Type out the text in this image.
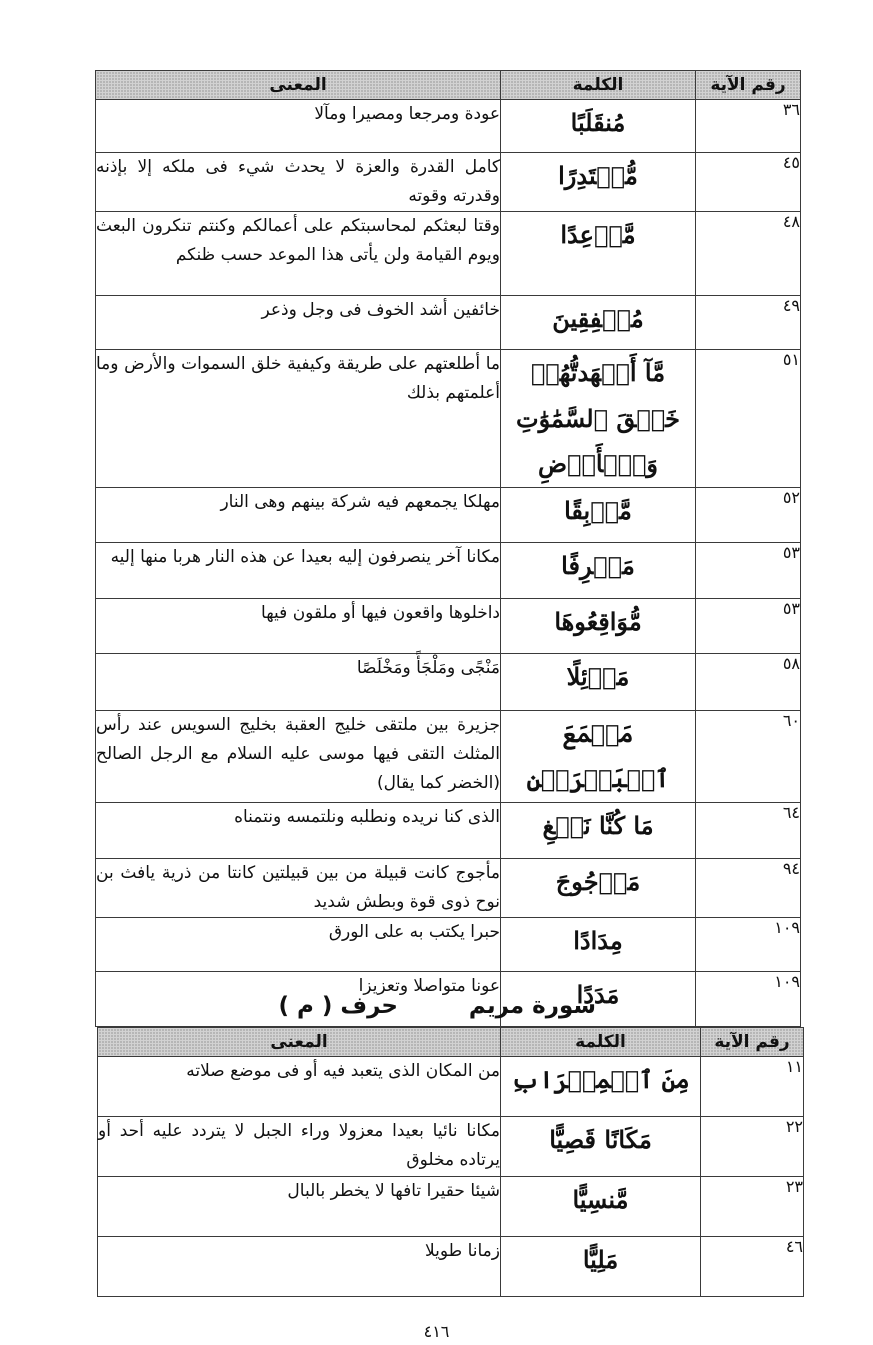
رقم الآية	الكلمة	المعنى
٣٦	مُنقَلَبًا	عودة ومرجعا ومصيرا ومآلا
٤٥	مُّقۡتَدِرًا	كامل القدرة والعزة لا يحدث شيء فى ملكه إلا بإذنه وقدرته وقوته
٤٨	مَّوۡعِدًا	وقتا لبعثكم لمحاسبتكم على أعمالكم وكنتم تنكرون البعث ويوم القيامة ولن يأتى هذا الموعد حسب ظنكم
٤٩	مُشۡفِقِينَ	خائفين أشد الخوف فى وجل وذعر
٥١	مَّآ أَشۡهَدتُّهُمۡ خَلۡقَ ٱلسَّمَٰوَٰتِ وَٱلۡأَرۡضِ	ما أطلعتهم على طريقة وكيفية خلق السموات والأرض وما أعلمتهم بذلك
٥٢	مَّوۡبِقًا	مهلكا يجمعهم فيه شركة بينهم وهى النار
٥٣	مَصۡرِفًا	مكانا آخر ينصرفون إليه بعيدا عن هذه النار هربا منها إليه
٥٣	مُّوَاقِعُوهَا	داخلوها واقعون فيها أو ملقون فيها
٥٨	مَوۡئِلًا	مَنْجًى ومَلْجَأً ومَخْلَصًا
٦٠	مَجۡمَعَ ٱلۡبَحۡرَيۡنِ	جزيرة بين ملتقى خليج العقبة بخليج السويس عند رأس المثلث التقى فيها موسى عليه السلام مع الرجل الصالح (الخضر كما يقال)
٦٤	مَا كُنَّا نَبۡغِ	الذى كنا نريده ونطلبه ونلتمسه ونتمناه
٩٤	مَأۡجُوجَ	مأجوج كانت قبيلة من بين قبيلتين كانتا من ذرية يافث بن نوح ذوى قوة وبطش شديد
١٠٩	مِدَادًا	حبرا يكتب به على الورق
١٠٩	مَدَدًا	عونا متواصلا وتعزيزا
سورة مريم
حرف ( م )
رقم الآية	الكلمة	المعنى
١١	مِنَ ٱلۡمِحۡرَابِ	من المكان الذى يتعبد فيه أو فى موضع صلاته
٢٢	مَكَانًا قَصِيًّا	مكانا نائيا بعيدا معزولا وراء الجبل لا يتردد عليه أحد أو يرتاده مخلوق
٢٣	مَّنسِيًّا	شيئا حقيرا تافها لا يخطر بالبال
٤٦	مَلِيًّا	زمانا طويلا
٤١٦
